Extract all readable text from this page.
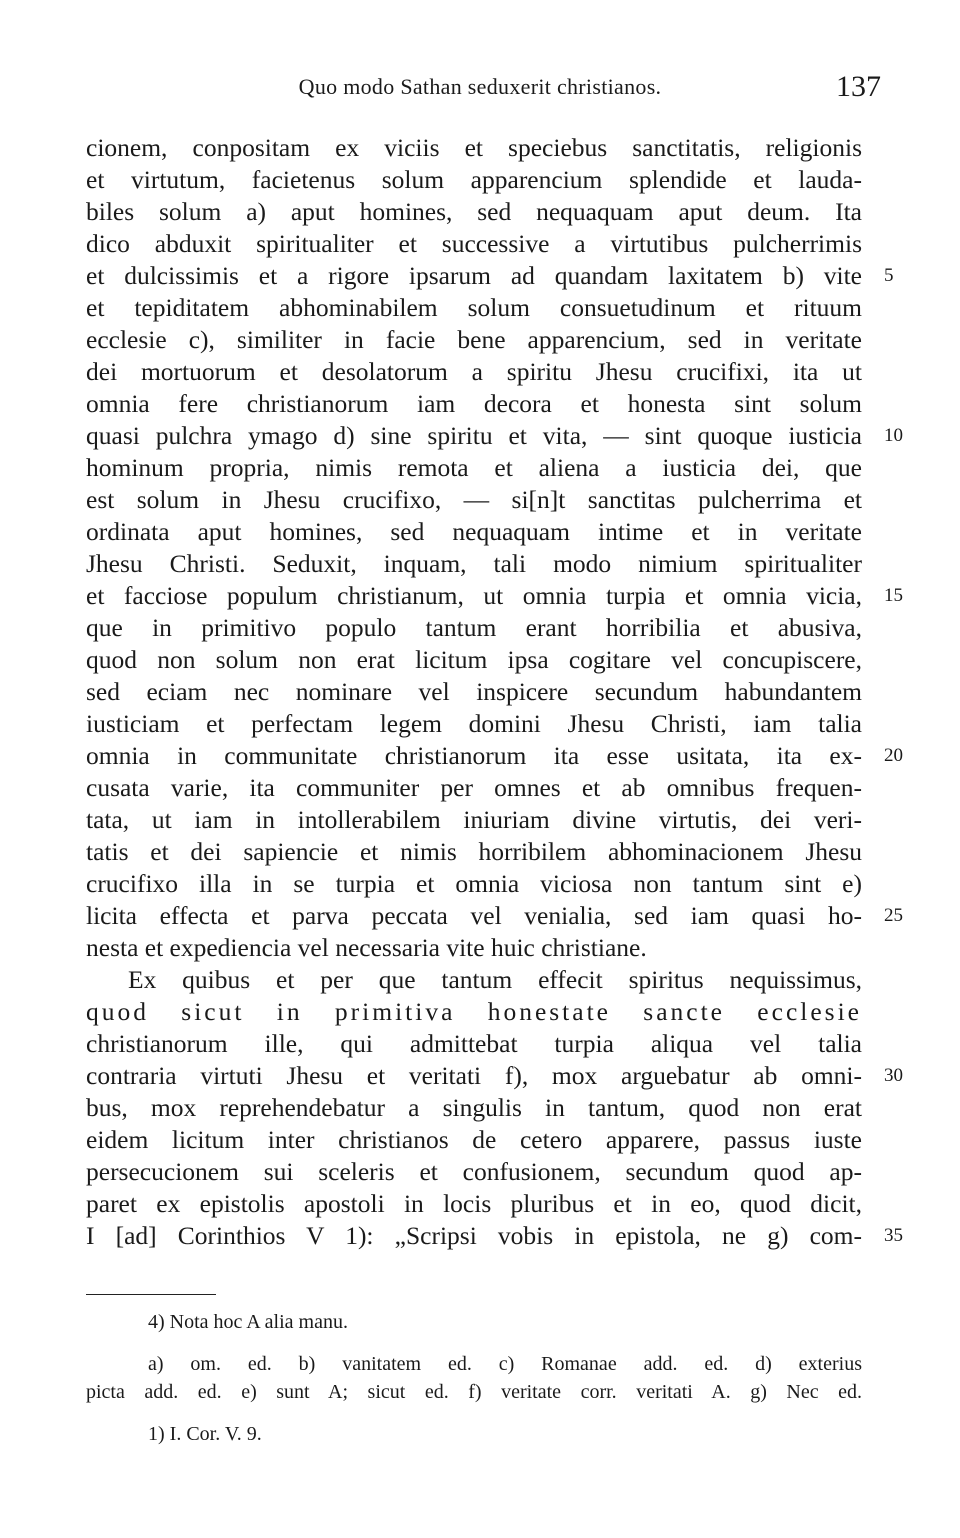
Quo modo Sathan seduxerit christianos.	137
cionem, conpositam ex viciis et speciebus sanctitatis, religionis
et virtutum, facietenus solum apparencium splendide et lauda-
biles solum a) aput homines, sed nequaquam aput deum. Ita
dico abduxit spiritualiter et successive a virtutibus pulcherrimis
et dulcissimis et a rigore ipsarum ad quandam laxitatem b) vite
et tepiditatem abhominabilem solum consuetudinum et rituum
ecclesie c), similiter in facie bene apparencium, sed in veritate
dei mortuorum et desolatorum a spiritu Jhesu crucifixi, ita ut
omnia fere christianorum iam decora et honesta sint solum
quasi pulchra ymago d) sine spiritu et vita, — sint quoque iusticia
hominum propria, nimis remota et aliena a iusticia dei, que
est solum in Jhesu crucifixo, — si[n]t sanctitas pulcherrima et
ordinata aput homines, sed nequaquam intime et in veritate
Jhesu Christi. Seduxit, inquam, tali modo nimium spiritualiter
et facciose populum christianum, ut omnia turpia et omnia vicia,
que in primitivo populo tantum erant horribilia et abusiva,
quod non solum non erat licitum ipsa cogitare vel concupiscere,
sed eciam nec nominare vel inspicere secundum habundantem
iusticiam et perfectam legem domini Jhesu Christi, iam talia
omnia in communitate christianorum ita esse usitata, ita ex-
cusata varie, ita communiter per omnes et ab omnibus frequen-
tata, ut iam in intollerabilem iniuriam divine virtutis, dei veri-
tatis et dei sapiencie et nimis horribilem abhominacionem Jhesu
crucifixo illa in se turpia et omnia viciosa non tantum sint e)
licita effecta et parva peccata vel venialia, sed iam quasi ho-
nesta et expediencia vel necessaria vite huic christiane.
Ex quibus et per que tantum effecit spiritus nequissimus,
quod sicut in primitiva honestate sancte ecclesie
christianorum ille, qui admittebat turpia aliqua vel talia
contraria virtuti Jhesu et veritati f), mox arguebatur ab omni-
bus, mox reprehendebatur a singulis in tantum, quod non erat
eidem licitum inter christianos de cetero apparere, passus iuste
persecucionem sui sceleris et confusionem, secundum quod ap-
paret ex epistolis apostoli in locis pluribus et in eo, quod dicit,
I [ad] Corinthios V 1): „Scripsi vobis in epistola, ne g) com-
5
10
15
20
25
30
35
4) Nota hoc A alia manu.
a) om. ed. b) vanitatem ed. c) Romanae add. ed. d) exterius
picta add. ed. e) sunt A; sicut ed. f) veritate corr. veritati A. g) Nec ed.
1) I. Cor. V. 9.
